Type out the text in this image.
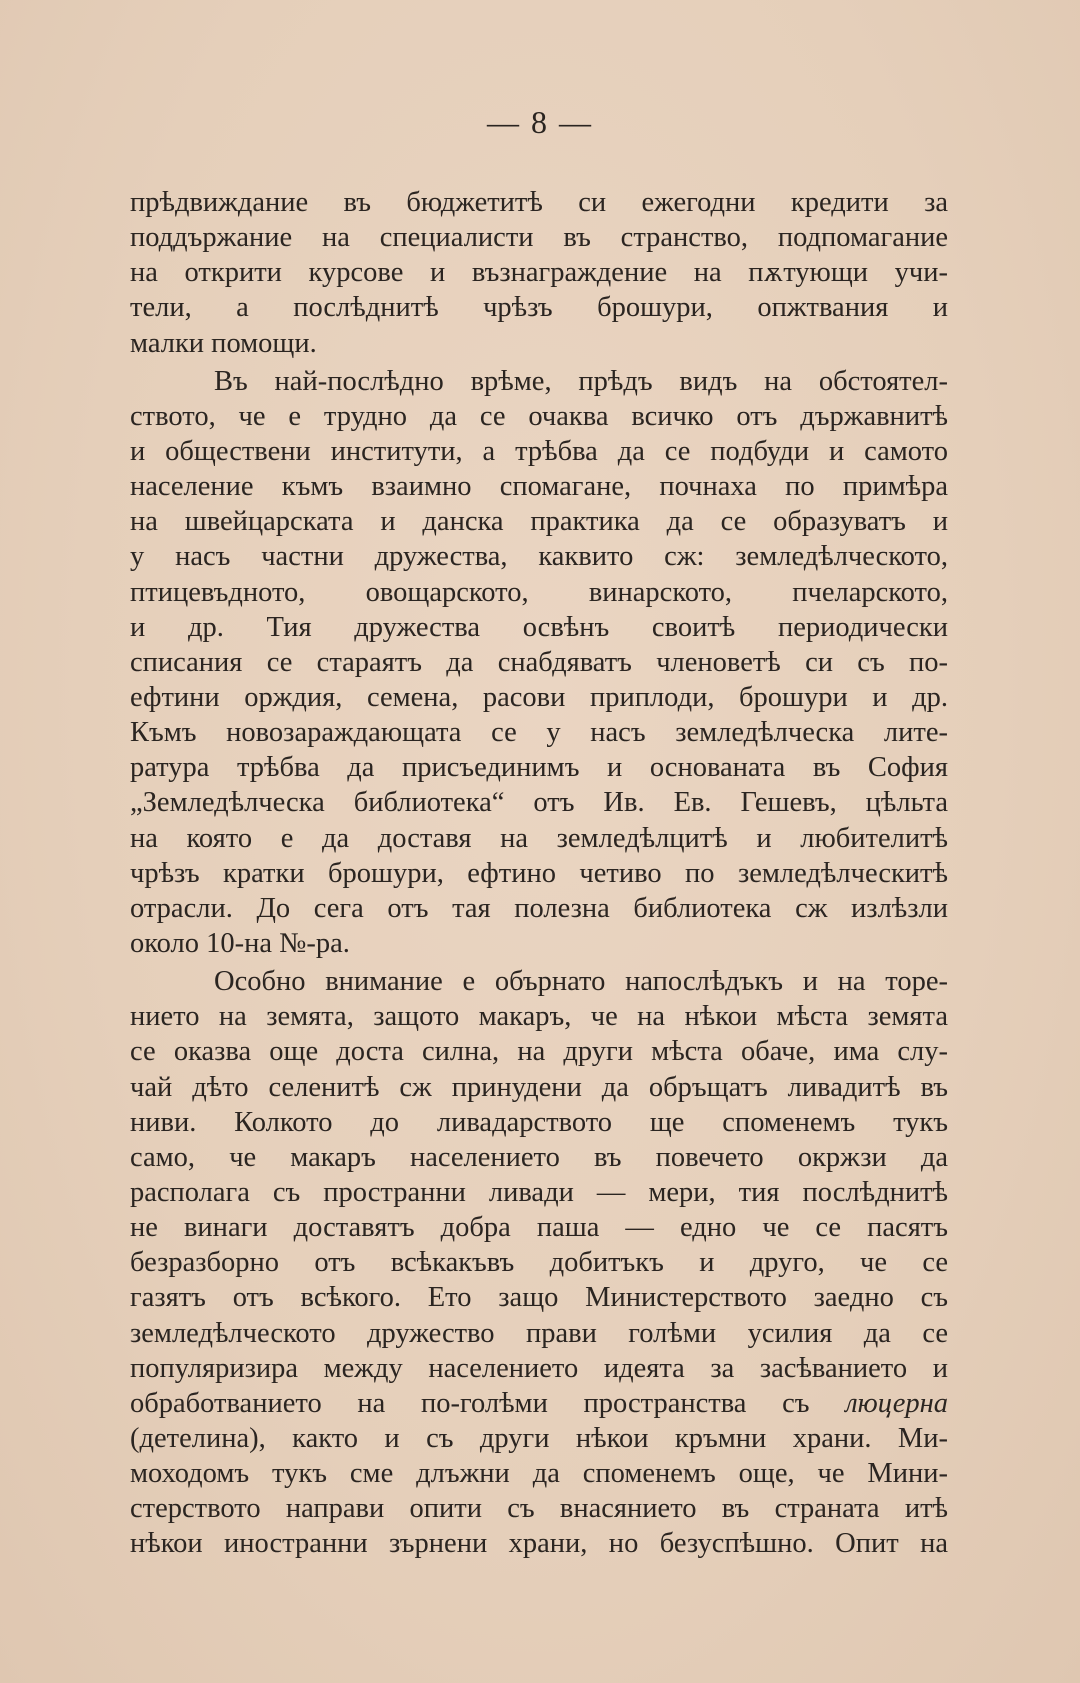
— 8 —
прѣдвиждание въ бюджетитѣ си ежегодни кредити за
поддържание на специалисти въ странство, подпомагание
на открити курсове и възнаграждение на пѫтующи учи-
тели, а послѣднитѣ чрѣзъ брошури, опжтвания и
малки помощи.
Въ най-послѣдно врѣме, прѣдъ видъ на обстоятел-
ството, че е трудно да се очаква всичко отъ държавнитѣ
и обществени институти, а трѣбва да се подбуди и самото
население къмъ взаимно спомагане, почнаха по примѣра
на швейцарската и данска практика да се образуватъ и
у насъ частни дружества, каквито сж: земледѣлческото,
птицевъдното, овощарското, винарското, пчеларското,
и др. Тия дружества освѣнъ своитѣ периодически
списания се стараятъ да снабдяватъ членоветѣ си съ по-
ефтини орждия, семена, расови приплоди, брошури и др.
Къмъ новозараждающата се у насъ земледѣлческа лите-
ратура трѣбва да присъединимъ и основаната въ София
„Земледѣлческа библиотека“ отъ Ив. Ев. Гешевъ, цѣльта
на която е да доставя на земледѣлцитѣ и любителитѣ
чрѣзъ кратки брошури, ефтино четиво по земледѣлческитѣ
отрасли. До сега отъ тая полезна библиотека сж излѣзли
около 10-на №-ра.
Особно внимание е обърнато напослѣдъкъ и на торе-
нието на земята, защото макаръ, че на нѣкои мѣста земята
се оказва още доста силна, на други мѣста обаче, има слу-
чай дѣто селенитѣ сж принудени да обръщатъ ливадитѣ въ
ниви. Колкото до ливадарството ще споменемъ тукъ
само, че макаръ населението въ повечето окржзи да
располага съ пространни ливади — мери, тия послѣднитѣ
не винаги доставятъ добра паша — едно че се пасятъ
безразборно отъ всѣкакъвъ добитъкъ и друго, че се
газятъ отъ всѣкого. Ето защо Министерството заедно съ
земледѣлческото дружество прави голѣми усилия да се
популяризира между населението идеята за засѣванието и
обработванието на по-голѣми пространства съ люцерна
(детелина), както и съ други нѣкои кръмни храни. Ми-
моходомъ тукъ сме длъжни да споменемъ още, че Мини-
стерството направи опити съ внасянието въ страната итѣ
нѣкои иностранни зърнени храни, но безуспѣшно. Опит на
